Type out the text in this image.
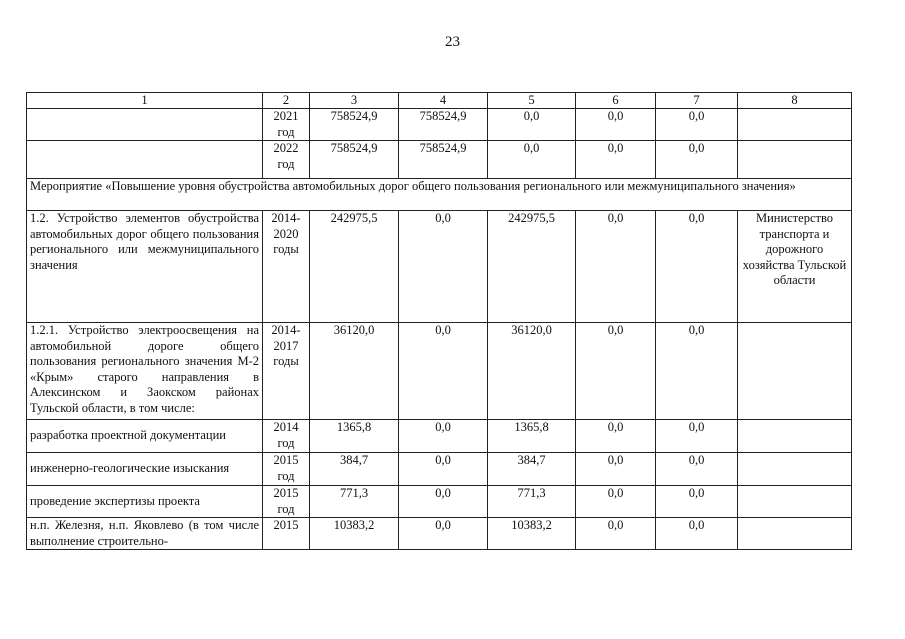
23
1	2	3	4	5	6	7	8
	2021 год	758524,9	758524,9	0,0	0,0	0,0	
	2022 год	758524,9	758524,9	0,0	0,0	0,0	
Мероприятие «Повышение уровня обустройства автомобильных дорог общего пользования регионального или межмуниципального значения»							
1.2. Устройство элементов обустройства автомобильных дорог общего пользования регионального или межмуниципального значения	2014-2020 годы	242975,5	0,0	242975,5	0,0	0,0	Министерство транспорта и дорожного хозяйства Тульской области
1.2.1. Устройство электроосвещения на автомобильной дороге общего пользования регионального значения М-2 «Крым» старого направления в Алексинском и Заокском районах Тульской области, в том числе:	2014-2017 годы	36120,0	0,0	36120,0	0,0	0,0	
разработка проектной документации	2014 год	1365,8	0,0	1365,8	0,0	0,0	
инженерно-геологические изыскания	2015 год	384,7	0,0	384,7	0,0	0,0	
проведение экспертизы проекта	2015 год	771,3	0,0	771,3	0,0	0,0	
н.п. Железня, н.п. Яковлево (в том числе выполнение строительно-	2015	10383,2	0,0	10383,2	0,0	0,0	
